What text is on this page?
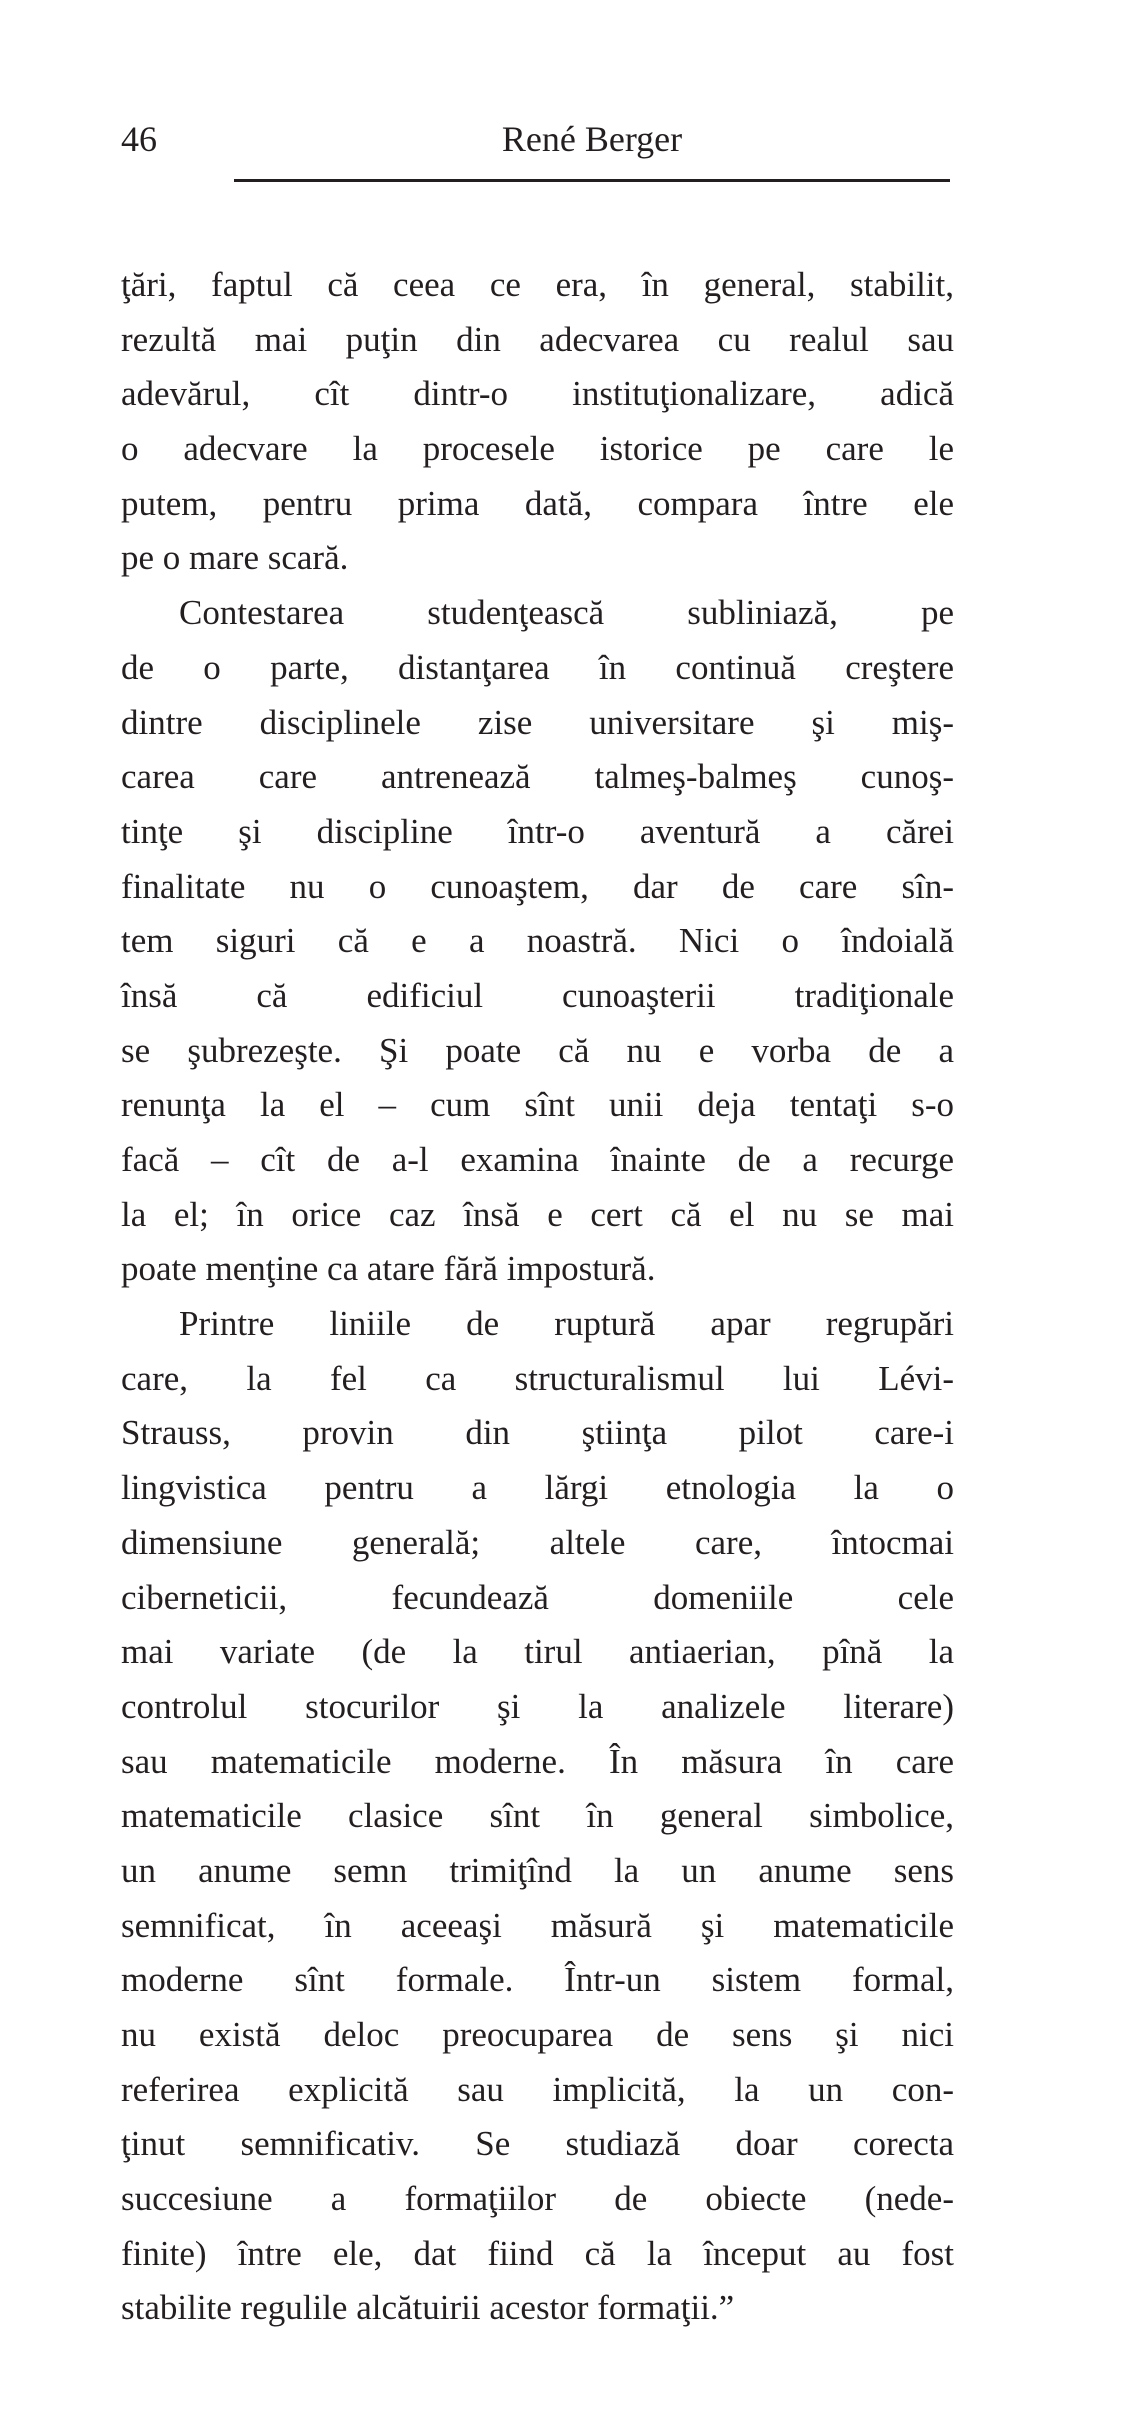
46	René Berger
ţări, faptul că ceea ce era, în general, stabilit,
rezultă mai puţin din adecvarea cu realul sau
adevărul, cît dintr-o instituţionalizare, adică
o adecvare la procesele istorice pe care le
putem, pentru prima dată, compara între ele
pe o mare scară.
Contestarea studenţească subliniază, pe
de o parte, distanţarea în continuă creştere
dintre disciplinele zise universitare şi miş-
carea care antrenează talmeş-balmeş cunoş-
tinţe şi discipline într-o aventură a cărei
finalitate nu o cunoaştem, dar de care sîn-
tem siguri că e a noastră. Nici o îndoială
însă că edificiul cunoaşterii tradiţionale
se şubrezeşte. Şi poate că nu e vorba de a
renunţa la el – cum sînt unii deja tentaţi s-o
facă – cît de a-l examina înainte de a recurge
la el; în orice caz însă e cert că el nu se mai
poate menţine ca atare fără impostură.
Printre liniile de ruptură apar regrupări
care, la fel ca structuralismul lui Lévi-
Strauss, provin din ştiinţa pilot care-i
lingvistica pentru a lărgi etnologia la o
dimensiune generală; altele care, întocmai
ciberneticii, fecundează domeniile cele
mai variate (de la tirul antiaerian, pînă la
controlul stocurilor şi la analizele literare)
sau matematicile moderne. În măsura în care
matematicile clasice sînt în general simbolice,
un anume semn trimiţînd la un anume sens
semnificat, în aceeaşi măsură şi matematicile
moderne sînt formale. Într-un sistem formal,
nu există deloc preocuparea de sens şi nici
referirea explicită sau implicită, la un con-
ţinut semnificativ. Se studiază doar corecta
succesiune a formaţiilor de obiecte (nede-
finite) între ele, dat fiind că la început au fost
stabilite regulile alcătuirii acestor formaţii.”
